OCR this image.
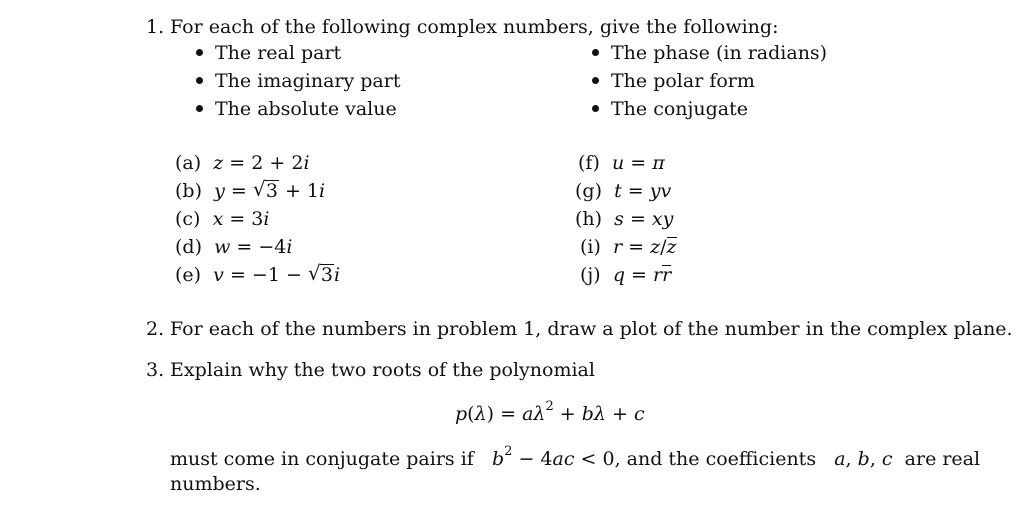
1. For each of the following complex numbers, give the following:
The real part
The imaginary part
The absolute value
The phase (in radians)
The polar form
The conjugate
(a) z = 2 + 2i
(b) y = √ 3 + 1i
(c) x = 3i
(d) w = −4i
(e) v = −1 − √ 3i
(f) u = π
(g) t = yv
(h) s = xy
(i) r = z/z
(j) q = rr
2. For each of the numbers in problem 1, draw a plot of the number in the complex plane.
3. Explain why the two roots of the polynomial
$p(\lambda) = a\lambda^2 + b\lambda + c$
must come in conjugate pairs if $b^2 - 4ac < 0$, and the coefficients a, b, c are real
numbers.
